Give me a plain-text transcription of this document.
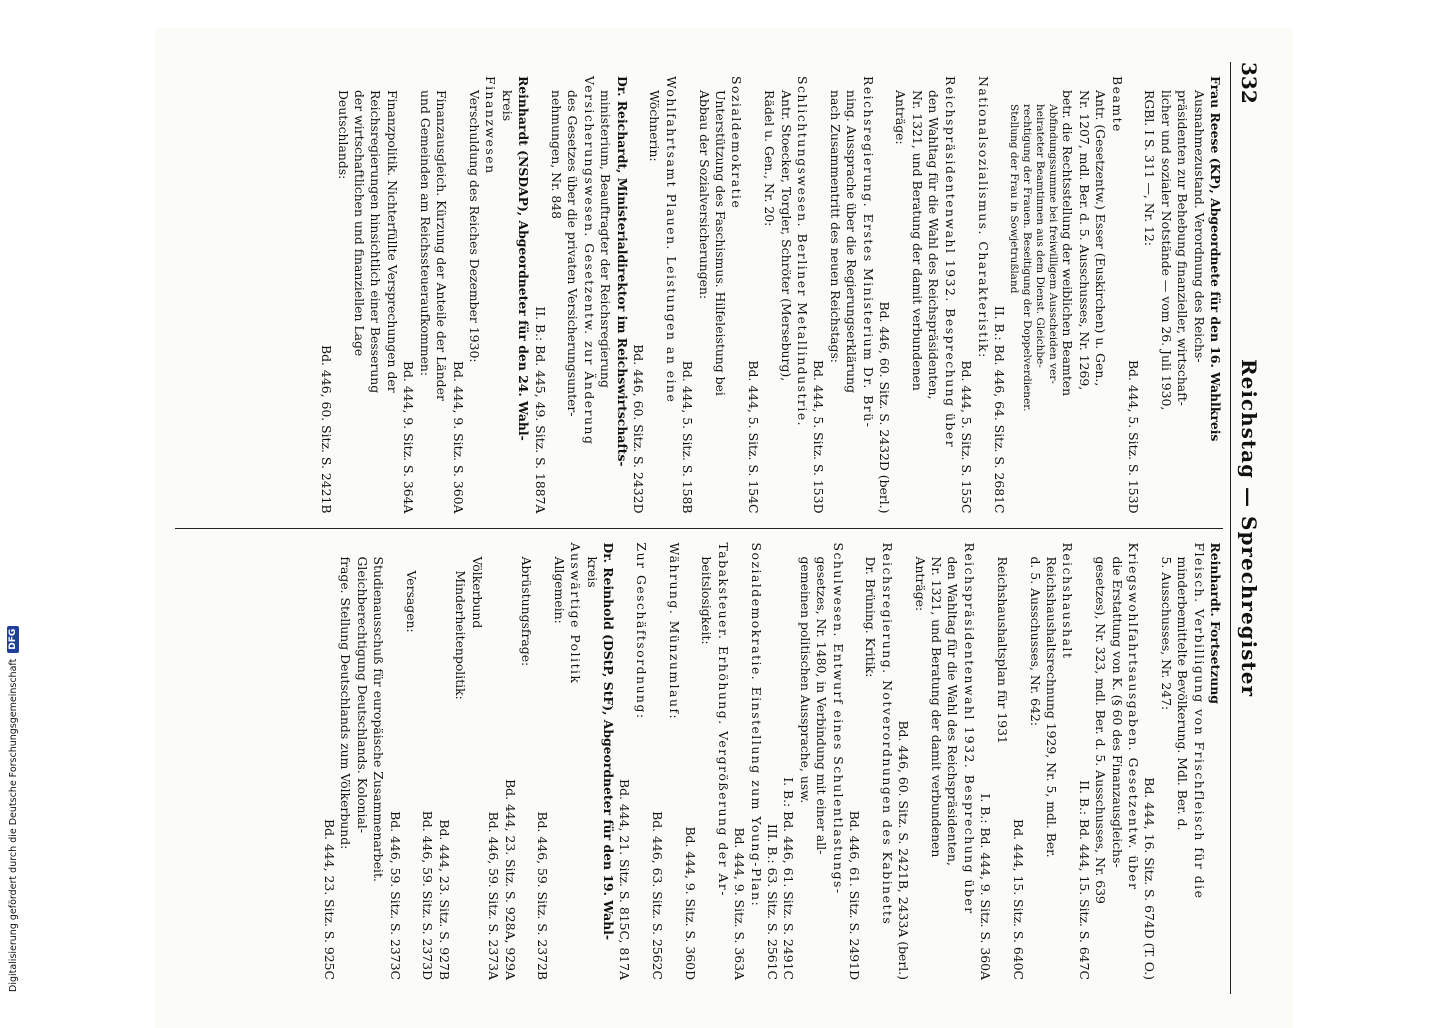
332
Reichstag — Sprechregister
Frau Reese (KP), Abgeordnete für den 16. Wahlkreis
Ausnahmezustand. Verordnung des Reichs-
präsidenten zur Behebung finanzieller, wirtschaft-
licher und sozialer Notstände — vom 26. Juli 1930,
RGBl. I S. 311 —, Nr. 12:
Bd. 444, 5. Sitz. S. 153D
Beamte
Antr. (Gesetzentw.) Esser (Euskirchen) u. Gen.,
Nr. 1207, mdl. Ber. d. 5. Ausschusses, Nr. 1269,
betr. die Rechtsstellung der weiblichen Beamten
Abfindungssumme bei freiwilligem Ausscheiden ver-
heirateter Beamtinnen aus dem Dienst. Gleichbe-
rechtigung der Frauen. Beseitigung der Doppelverdiener.
Stellung der Frau in Sowjetrußland
II. B.: Bd. 446, 64. Sitz. S. 2681C
Nationalsozialismus. Charakteristik:
Bd. 444, 5. Sitz. S. 155C
Reichspräsidentenwahl 1932. Besprechung über
den Wahltag für die Wahl des Reichspräsidenten,
Nr. 1321, und Beratung der damit verbundenen
Anträge:
Bd. 446, 60. Sitz. S. 2432D (berl.)
Reichsregierung. Erstes Ministerium Dr. Brü-
ning. Aussprache über die Regierungserklärung
nach Zusammentritt des neuen Reichstags:
Bd. 444, 5. Sitz. S. 153D
Schlichtungswesen. Berliner Metallindustrie.
Antr. Stoecker, Torgler, Schröter (Merseburg),
Rädel u. Gen., Nr. 20:
Bd. 444, 5. Sitz. S. 154C
Sozialdemokratie
Unterstützung des Faschismus. Hilfeleistung bei
Abbau der Sozialversicherungen:
Bd. 444, 5. Sitz. S. 158B
Wohlfahrtsamt Plauen. Leistungen an eine
Wöchnerin:
Bd. 446, 60. Sitz. S. 2432D
Dr. Reichardt, Ministerialdirektor im Reichswirtschafts-
ministerium, Beauftragter der Reichsregierung
Versicherungswesen. Gesetzentw. zur Änderung
des Gesetzes über die privaten Versicherungsunter-
nehmungen, Nr. 848
II. B.: Bd. 445, 49. Sitz. S. 1887A
Reinhardt (NSDAP), Abgeordneter für den 24. Wahl-
kreis
Finanzwesen
Verschuldung des Reiches Dezember 1930:
Bd. 444, 9. Sitz. S. 360A
Finanzausgleich. Kürzung der Anteile der Länder
und Gemeinden am Reichssteueraufkommen:
Bd. 444, 9. Sitz. S. 364A
Finanzpolitik. Nichterfüllte Versprechungen der
Reichsregierungen hinsichtlich einer Besserung
der wirtschaftlichen und finanziellen Lage
Deutschlands:
Bd. 446, 60. Sitz. S. 2421B
Reinhardt. Fortsetzung
Fleisch. Verbilligung von Frischfleisch für die
minderbemittelte Bevölkerung. Mdl. Ber. d.
5. Ausschusses, Nr. 247:
Bd. 444, 16. Sitz. S. 674D (T. O.)
Kriegswohlfahrtsausgaben. Gesetzentw. über
die Erstattung von K. (§ 60 des Finanzausgleichs-
gesetzes), Nr. 323, mdl. Ber. d. 5. Ausschusses, Nr. 639
II. B.: Bd. 444, 15. Sitz. S. 647C
Reichshaushalt
Reichshaushaltsrechnung 1929, Nr. 5, mdl. Ber.
d. 5. Ausschusses, Nr. 642:
Bd. 444, 15. Sitz. S. 640C
Reichshaushaltsplan für 1931
I. B.: Bd. 444, 9. Sitz. S. 360A
Reichspräsidentenwahl 1932. Besprechung über
den Wahltag für die Wahl des Reichspräsidenten,
Nr. 1321, und Beratung der damit verbundenen
Anträge:
Bd. 446, 60. Sitz. S. 2421B, 2433A (berl.)
Reichsregierung. Notverordnungen des Kabinetts
Dr. Brüning. Kritik:
Bd. 446, 61. Sitz. S. 2491D
Schulwesen. Entwurf eines Schulentlastungs-
gesetzes, Nr. 1480, in Verbindung mit einer all-
gemeinen politischen Aussprache, usw.
I. B.: Bd. 446, 61. Sitz. S. 2491C
III. B.: 63. Sitz. S. 2561C
Sozialdemokratie. Einstellung zum Young-Plan:
Bd. 444, 9. Sitz. S. 363A
Tabaksteuer. Erhöhung. Vergrößerung der Ar-
beitslosigkeit:
Bd. 444, 9. Sitz. S. 360D
Währung. Münzumlauf:
Bd. 446, 63. Sitz. S. 2562C
Zur Geschäftsordnung:
Bd. 444, 21. Sitz. S. 815C, 817A
Dr. Reinhold (DStP, StF), Abgeordneter für den 19. Wahl-
kreis
Auswärtige Politik
Allgemein:
Bd. 446, 59. Sitz. S. 2372B
Abrüstungsfrage:
Bd. 444, 23. Sitz. S. 928A, 929A
Bd. 446, 59. Sitz. S. 2373A
Völkerbund
Minderheitenpolitik:
Bd. 444, 23. Sitz. S. 927B
Bd. 446, 59. Sitz. S. 2373D
Versagen:
Bd. 446, 59. Sitz. S. 2373C
Studienausschuß für europäische Zusammenarbeit.
Gleichberechtigung Deutschlands. Kolonial-
frage. Stellung Deutschlands zum Völkerbund:
Bd. 444, 23. Sitz. S. 925C
Digitalisierung gefördert durch die Deutsche Forschungsgemeinschaft
DFG
